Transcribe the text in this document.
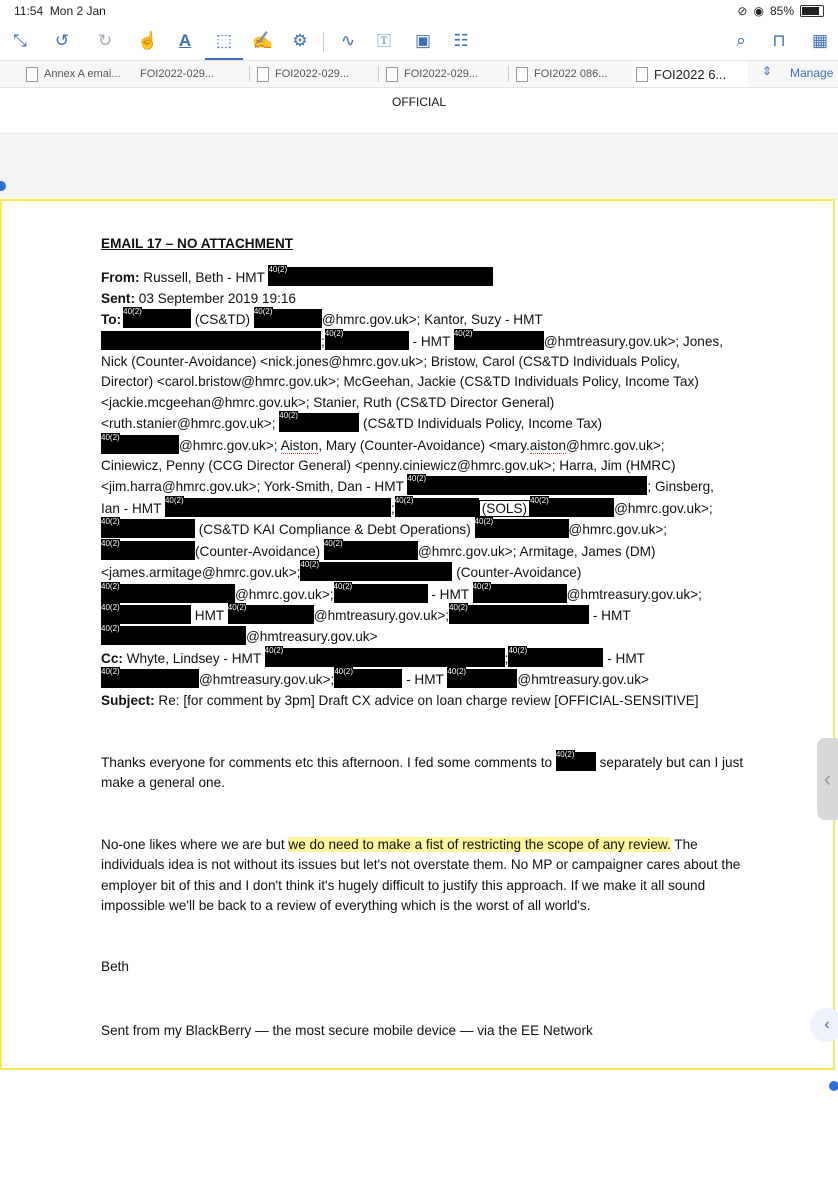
11:54 Mon 2 Jan	⊘ ◉ 85%
⤡	↺	↻	☝	A	⬚ ✍	⚙	∿	🅃	▣	☷	⌕	⊓	▦
Annex A emai... FOI2022-029...	FOI2022-029...	FOI2022-029...	FOI2022 086...	FOI2022 6...	⇕ Manage
OFFICIAL

EMAIL 17 – NO ATTACHMENT

From: Russell, Beth - HMT 40(2)

Sent: 03 September 2019 19:16

To: 40(2)	(CS&TD) 40(2)	@hmrc.gov.uk>; Kantor, Suzy - HMT

; 40(2)	- HMT 40(2)	@hmtreasury.gov.uk>; Jones,

Nick (Counter-Avoidance) <nick.jones@hmrc.gov.uk>; Bristow, Carol (CS&TD Individuals Policy,

Director) <carol.bristow@hmrc.gov.uk>; McGeehan, Jackie (CS&TD Individuals Policy, Income Tax)

<jackie.mcgeehan@hmrc.gov.uk>; Stanier, Ruth (CS&TD Director General)

<ruth.stanier@hmrc.gov.uk>; 40(2)	(CS&TD Individuals Policy, Income Tax)

40(2)@hmrc.gov.uk>; Aiston, Mary (Counter-Avoidance) <mary.aiston@hmrc.gov.uk>;

Ciniewicz, Penny (CCG Director General) <penny.ciniewicz@hmrc.gov.uk>; Harra, Jim (HMRC)

<jim.harra@hmrc.gov.uk>; York-Smith, Dan - HMT 40(2)	; Ginsberg,

Ian - HMT 40(2)	; 40(2)	(SOLS) 40(2)	@hmrc.gov.uk>;

40(2) (CS&TD KAI Compliance & Debt Operations) 40(2)	@hmrc.gov.uk>;

40(2)(Counter-Avoidance) 40(2)	@hmrc.gov.uk>; Armitage, James (DM)

<james.armitage@hmrc.gov.uk>; 40(2)	(Counter-Avoidance)

40(2)@hmrc.gov.uk>; 40(2)	- HMT 40(2)	@hmtreasury.gov.uk>;

40(2) HMT 40(2)	@hmtreasury.gov.uk>; 40(2)	- HMT

40(2)@hmtreasury.gov.uk>

Cc: Whyte, Lindsey - HMT 40(2)	; 40(2)	- HMT

40(2)@hmtreasury.gov.uk>; 40(2)	- HMT 40(2)	@hmtreasury.gov.uk>

Subject: Re: [for comment by 3pm] Draft CX advice on loan charge review [OFFICIAL-SENSITIVE]

Thanks everyone for comments etc this afternoon. I fed some comments to 40(2)	separately but can I just make a general one.

No-one likes where we are but we do need to make a fist of restricting the scope of any review. The individuals idea is not without its issues but let's not overstate them. No MP or campaigner cares about the employer bit of this and I don't think it's hugely difficult to justify this approach. If we make it all sound impossible we'll be back to a review of everything which is the worst of all world's.

Beth

Sent from my BlackBerry — the most secure mobile device — via the EE Network

‹
‹
